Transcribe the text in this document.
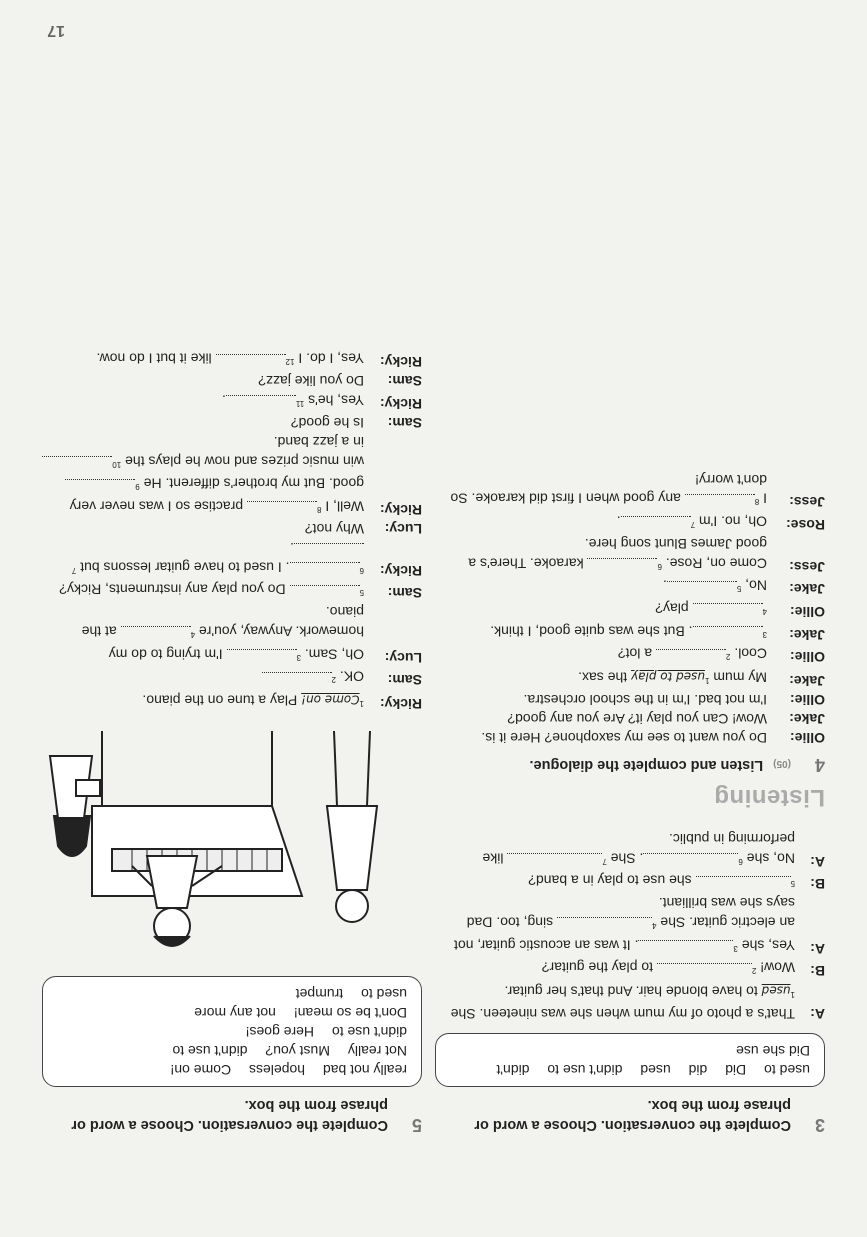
17

3
Complete the conversation. Choose a word or phrase from the box.

used to Did did used didn't use to didn't Did she use
A:
That's a photo of my mum when she was nineteen. She $^1$used to have blonde hair. And that's her guitar.
B:
Wow! $^2$ to play the guitar?
A:
Yes, she $^3$. It was an acoustic guitar, not an electric guitar. She $^4$ sing, too. Dad says she was brilliant.
B:
$^5$ she use to play in a band?
A:
No, she $^6$. She $^7$ like performing in public.
Listening

4
(05) Listen and complete the dialogue.

Ollie:
Do you want to see my saxophone? Here it is.
Jake:
Wow! Can you play it? Are you any good?
Ollie:
I'm not bad. I'm in the school orchestra.
Jake:
My mum $^1$used to play the sax.
Ollie:
Cool. $^2$ a lot?
Jake:
$^3$. But she was quite good, I think.
Ollie:
$^4$ play?
Jake:
No, $^5$.
Jess:
Come on, Rose. $^6$ karaoke. There's a good James Blunt song here.
Rose:
Oh, no. I'm $^7$.
Jess:
I $^8$ any good when I first did karaoke. So don't worry!

5
Complete the conversation. Choose a word or phrase from the box.

really not bad hopeless Come on!
Not really Must you? didn't use to
didn't use to Here goes!
Don't be so mean! not any more
used to trumpet
Ricky:
$^1$Come on! Play a tune on the piano.
Sam:
OK. $^2$
Lucy:
Oh, Sam. $^3$ I'm trying to do my homework. Anyway, you're $^4$ at the piano.
Sam:
$^5$ Do you play any instruments, Ricky?
Ricky:
$^6$. I used to have guitar lessons but $^7$.
Lucy:
Why not?
Ricky:
Well, I $^8$ practise so I was never very good. But my brother's different. He $^9$ win music prizes and now he plays the $^{10}$ in a jazz band.
Sam:
Is he good?
Ricky:
Yes, he's $^{11}$.
Sam:
Do you like jazz?
Ricky:
Yes, I do. I $^{12}$ like it but I do now.
